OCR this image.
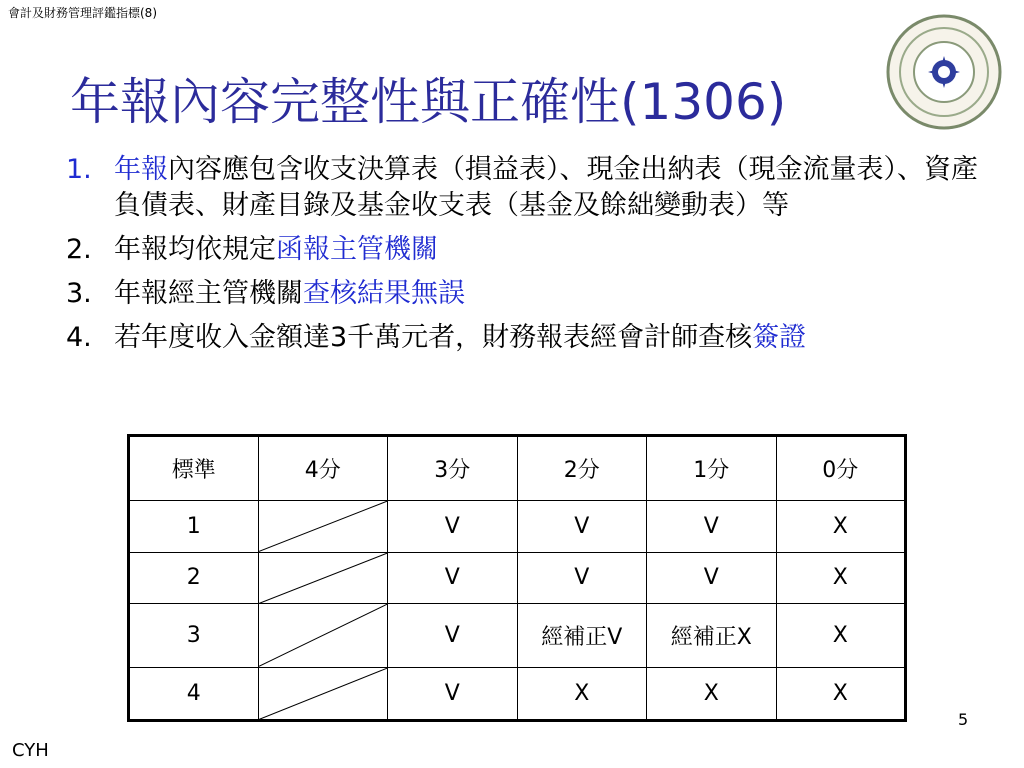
會計及財務管理評鑑指標(8)
年報內容完整性與正確性(1306)
1. 年報內容應包含收支決算表（損益表）、現金出納表（現金流量表）、資產負債表、財產目錄及基金收支表（基金及餘絀變動表）等
2. 年報均依規定函報主管機關
3. 年報經主管機關查核結果無誤
4. 若年度收入金額達3千萬元者，財務報表經會計師查核簽證
標準	4分	3分	2分	1分	0分
1		V	V	V	X
2		V	V	V	X
3		V	經補正V	經補正X	X
4		V	X	X	X
5
CYH
